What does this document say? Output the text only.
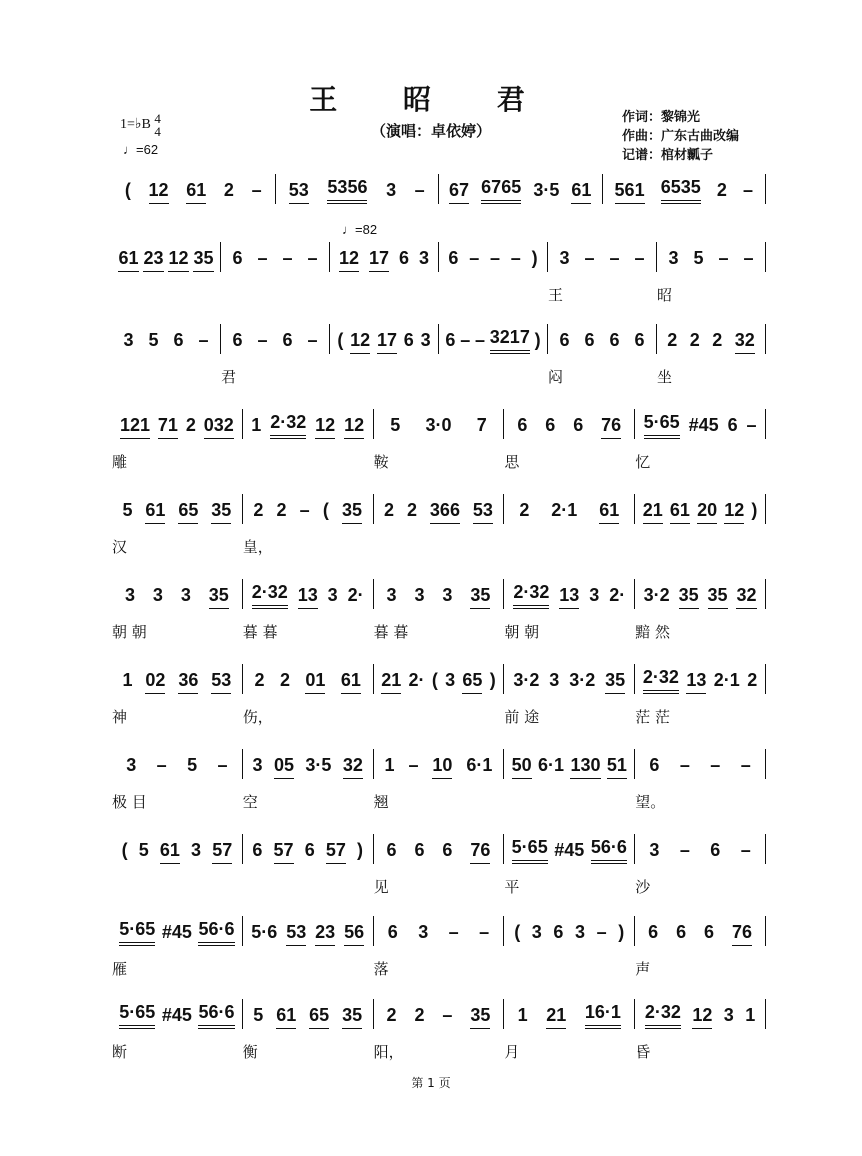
王 昭 君
（演唱：卓依婷）
1=♭B 4
4
♩=62
作词：黎锦光
作曲：广东古曲改编
记谱：棺材瓤子
( 12 61 2 – 53 5356 3 – 67 6765 3·5 61 561 6535 2 –
61 23 12 35 6 – – – 12 17 6 3 6 – – – ) 3 – – – 3 5 – –
♩=82
王	昭
3 5 6 – 6 – 6 – ( 12 17 6 3 6 – – 3217 ) 6 6 6 6 2 2 2 32
君	闷	坐
121 71 2 032 1 2·32 12 12 5 3·0 7 6 6 6 76 5·65 #45 6 –
雕	鞍	思	忆
5 61 65 35 2 2 – ( 35 2 2 366 53 2 2·1 61 21 61 20 12 )
汉	皇，
3 3 3 35 2·32 13 3 2· 3 3 3 35 2·32 13 3 2· 3·2 35 35 32
朝 朝	暮 暮	暮 暮	朝 朝	黯 然
1 02 36 53 2 2 01 61 21 2· ( 3 65 ) 3·2 3 3·2 35 2·32 13 2·1 2
神	伤，	前 途	茫 茫
3 – 5 – 3 05 3·5 32 1 – 10 6·1 50 6·1 130 51 6 – – –
极 目	空	翘	望。
( 5 61 3 57 6 57 6 57 ) 6 6 6 76 5·65 #45 56·6 3 – 6 –
见	平	沙
5·65 #45 56·6 5·6 53 23 56 6 3 – – ( 3 6 3 – ) 6 6 6 76
雁	落	声
5·65 #45 56·6 5 61 65 35 2 2 – 35 1 21 16·1 2·32 12 3 1
断	衡	阳，	月	昏
第 1 页
